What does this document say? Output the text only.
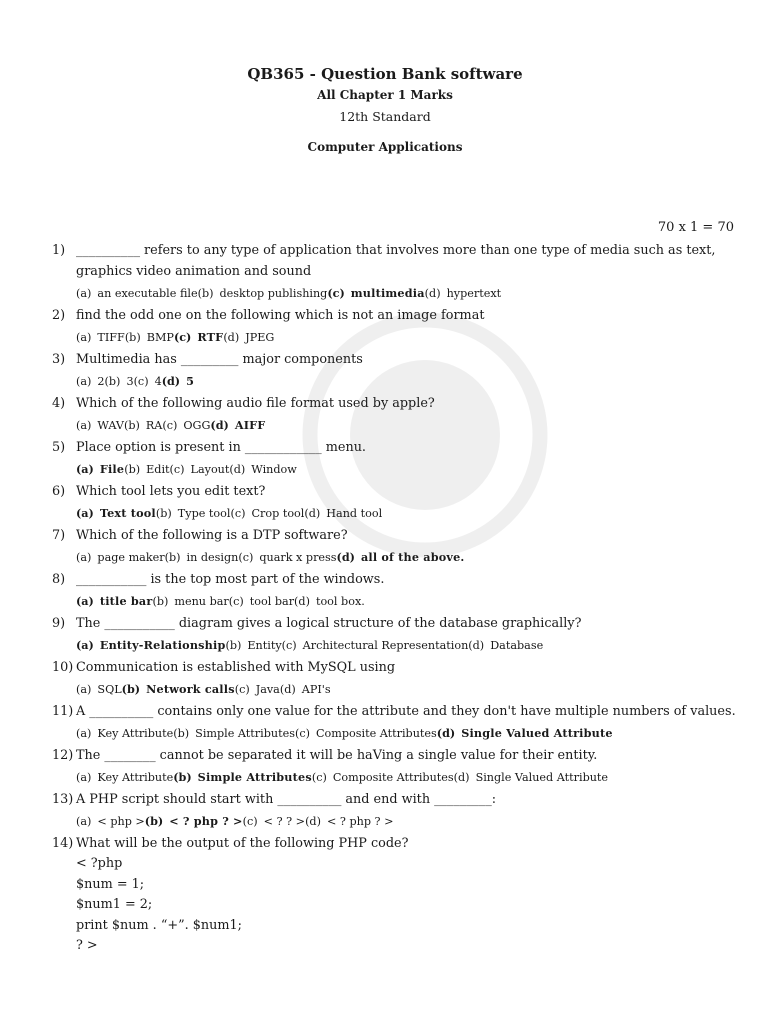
QB365 - Question Bank software
All Chapter 1 Marks
12th Standard
Computer Applications
70 x 1 = 70
1) __________ refers to any type of application that involves more than one type of media such as text, graphics video animation and sound
(a) an executable file(b) desktop publishing(c) multimedia(d) hypertext
2) find the odd one on the following which is not an image format
(a) TIFF(b) BMP(c) RTF(d) JPEG
3) Multimedia has _________ major components
(a) 2(b) 3(c) 4(d) 5
4) Which of the following audio file format used by apple?
(a) WAV(b) RA(c) OGG(d) AIFF
5) Place option is present in ____________ menu.
(a) File(b) Edit(c) Layout(d) Window
6) Which tool lets you edit text?
(a) Text tool(b) Type tool(c) Crop tool(d) Hand tool
7) Which of the following is a DTP software?
(a) page maker(b) in design(c) quark x press(d) all of the above.
8) ___________ is the top most part of the windows.
(a) title bar(b) menu bar(c) tool bar(d) tool box.
9) The ___________ diagram gives a logical structure of the database graphically?
(a) Entity-Relationship(b) Entity(c) Architectural Representation(d) Database
10) Communication is established with MySQL using
(a) SQL(b) Network calls(c) Java(d) API's
11) A __________ contains only one value for the attribute and they don't have multiple numbers of values.
(a) Key Attribute(b) Simple Attributes(c) Composite Attributes(d) Single Valued Attribute
12) The ________ cannot be separated it will be haVing a single value for their entity.
(a) Key Attribute(b) Simple Attributes(c) Composite Attributes(d) Single Valued Attribute
13) A PHP script should start with __________ and end with _________:
(a) < php >(b) < ? php ? >(c) < ? ? >(d) < ? php ? >
14) What will be the output of the following PHP code?
< ?php
$num = 1;
$num1 = 2;
print $num . “+”. $num1;
? >
